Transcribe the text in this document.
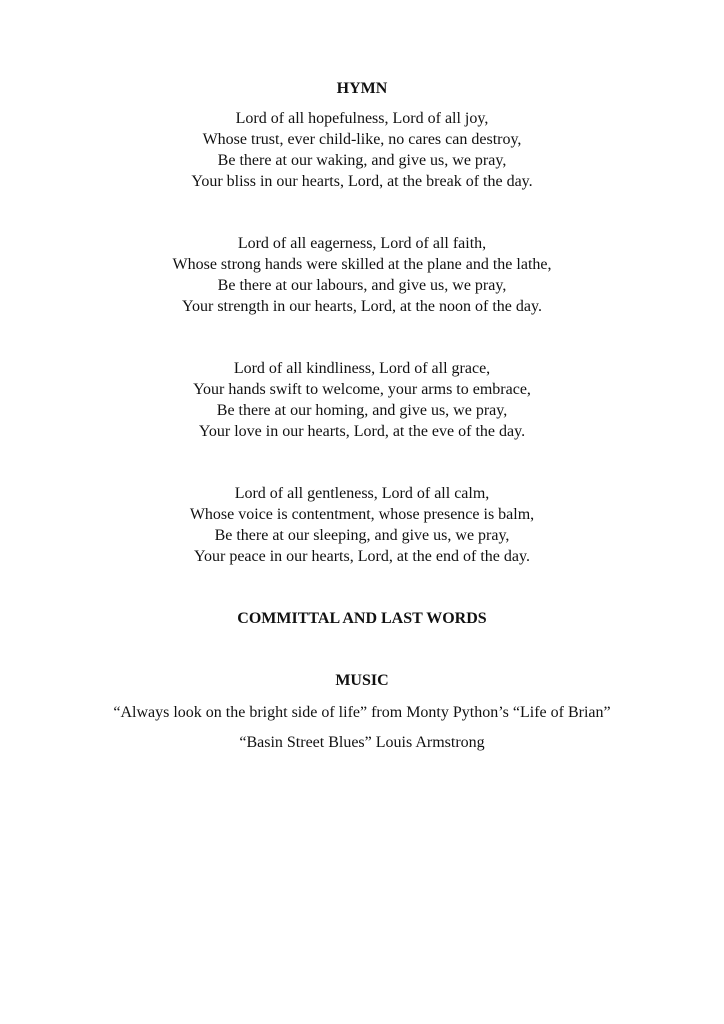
HYMN
Lord of all hopefulness, Lord of all joy,
Whose trust, ever child-like, no cares can destroy,
Be there at our waking, and give us, we pray,
Your bliss in our hearts, Lord, at the break of the day.
Lord of all eagerness, Lord of all faith,
Whose strong hands were skilled at the plane and the lathe,
Be there at our labours, and give us, we pray,
Your strength in our hearts, Lord, at the noon of the day.
Lord of all kindliness, Lord of all grace,
Your hands swift to welcome, your arms to embrace,
Be there at our homing, and give us, we pray,
Your love in our hearts, Lord, at the eve of the day.
Lord of all gentleness, Lord of all calm,
Whose voice is contentment, whose presence is balm,
Be there at our sleeping, and give us, we pray,
Your peace in our hearts, Lord, at the end of the day.
COMMITTAL AND LAST WORDS
MUSIC

“Always look on the bright side of life” from Monty Python’s “Life of Brian”

“Basin Street Blues” Louis Armstrong
